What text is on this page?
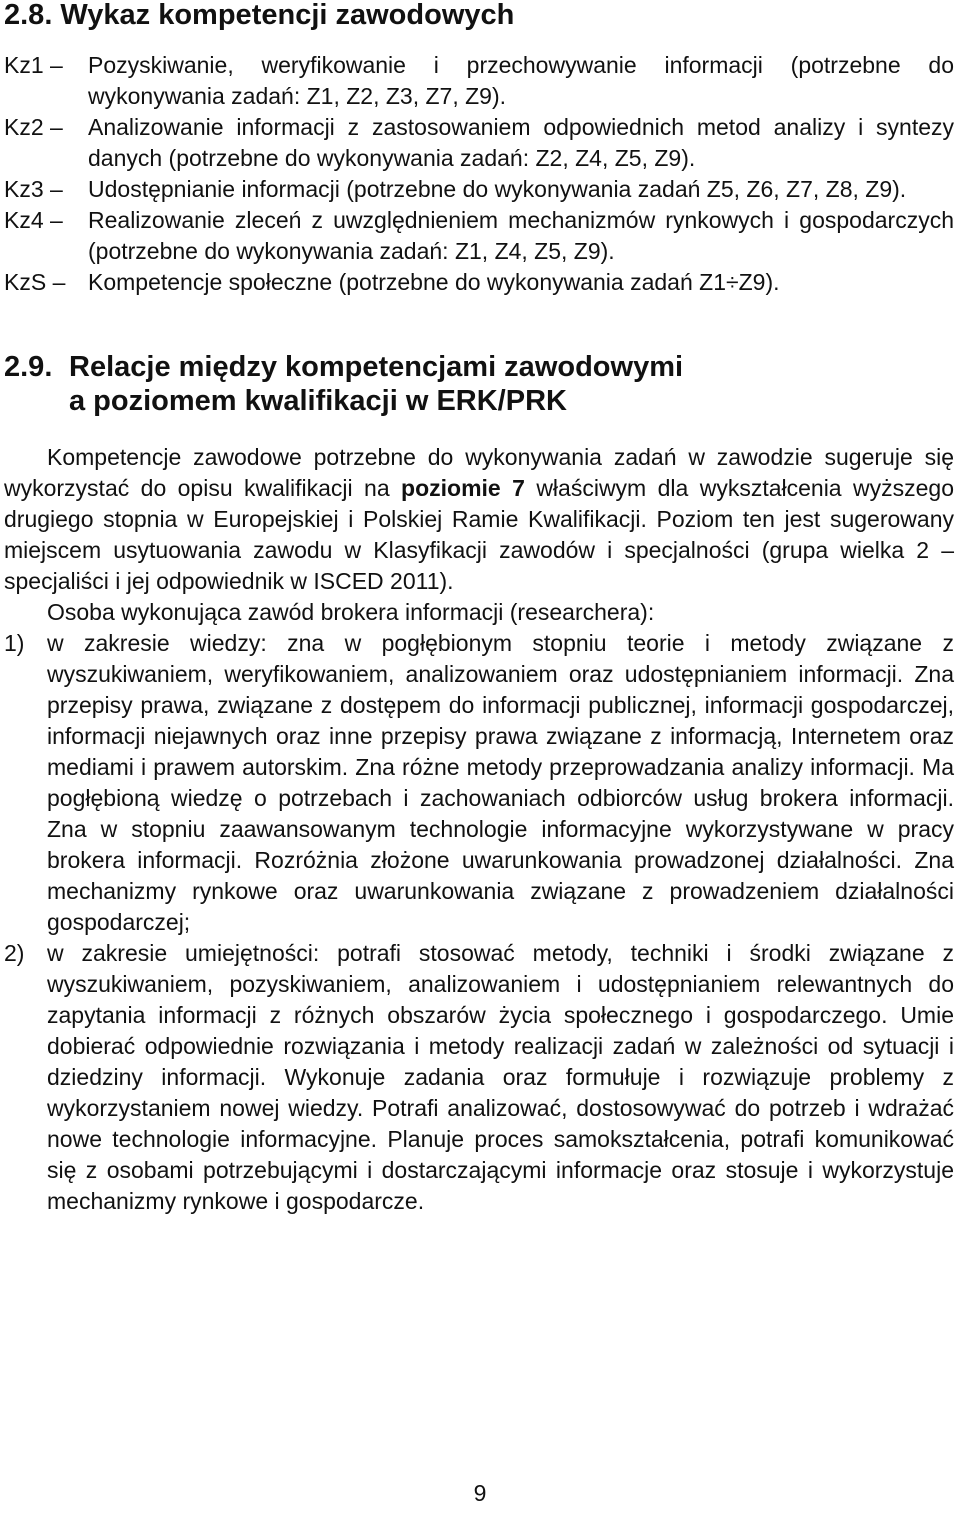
2.8. Wykaz kompetencji zawodowych
Kz1 –	Pozyskiwanie, weryfikowanie i przechowywanie informacji (potrzebne do wykonywania zadań: Z1, Z2, Z3, Z7, Z9).
Kz2 –	Analizowanie informacji z zastosowaniem odpowiednich metod analizy i syntezy danych (potrzebne do wykonywania zadań: Z2, Z4, Z5, Z9).
Kz3 –	Udostępnianie informacji (potrzebne do wykonywania zadań Z5, Z6, Z7, Z8, Z9).
Kz4 –	Realizowanie zleceń z uwzględnieniem mechanizmów rynkowych i gospodarczych (potrzebne do wykonywania zadań: Z1, Z4, Z5, Z9).
KzS – Kompetencje społeczne (potrzebne do wykonywania zadań Z1÷Z9).
2.9. Relacje między kompetencjami zawodowymi
a poziomem kwalifikacji w ERK/PRK

Kompetencje zawodowe potrzebne do wykonywania zadań w zawodzie sugeruje się wykorzystać do opisu kwalifikacji na poziomie 7 właściwym dla wykształcenia wyższego drugiego stopnia w Europejskiej i Polskiej Ramie Kwalifikacji. Poziom ten jest sugerowany miejscem usytuowania zawodu w Klasyfikacji zawodów i specjalności (grupa wielka 2 – specjaliści i jej odpowiednik w ISCED 2011).

Osoba wykonująca zawód brokera informacji (researchera):

1) w zakresie wiedzy: zna w pogłębionym stopniu teorie i metody związane z wyszukiwaniem, weryfikowaniem, analizowaniem oraz udostępnianiem informacji. Zna przepisy prawa, związane z dostępem do informacji publicznej, informacji gospodarczej, informacji niejawnych oraz inne przepisy prawa związane z informacją, Internetem oraz mediami i prawem autorskim. Zna różne metody przeprowadzania analizy informacji. Ma pogłębioną wiedzę o potrzebach i zachowaniach odbiorców usług brokera informacji. Zna w stopniu zaawansowanym technologie informacyjne wykorzystywane w pracy brokera informacji. Rozróżnia złożone uwarunkowania prowadzonej działalności. Zna mechanizmy rynkowe oraz uwarunkowania związane z prowadzeniem działalności gospodarczej;
2) w zakresie umiejętności: potrafi stosować metody, techniki i środki związane z wyszukiwaniem, pozyskiwaniem, analizowaniem i udostępnianiem relewantnych do zapytania informacji z różnych obszarów życia społecznego i gospodarczego. Umie dobierać odpowiednie rozwiązania i metody realizacji zadań w zależności od sytuacji i dziedziny informacji. Wykonuje zadania oraz formułuje i rozwiązuje problemy z wykorzystaniem nowej wiedzy. Potrafi analizować, dostosowywać do potrzeb i wdrażać nowe technologie informacyjne. Planuje proces samokształcenia, potrafi komunikować się z osobami potrzebującymi i dostarczającymi informacje oraz stosuje i wykorzystuje mechanizmy rynkowe i gospodarcze.
9
